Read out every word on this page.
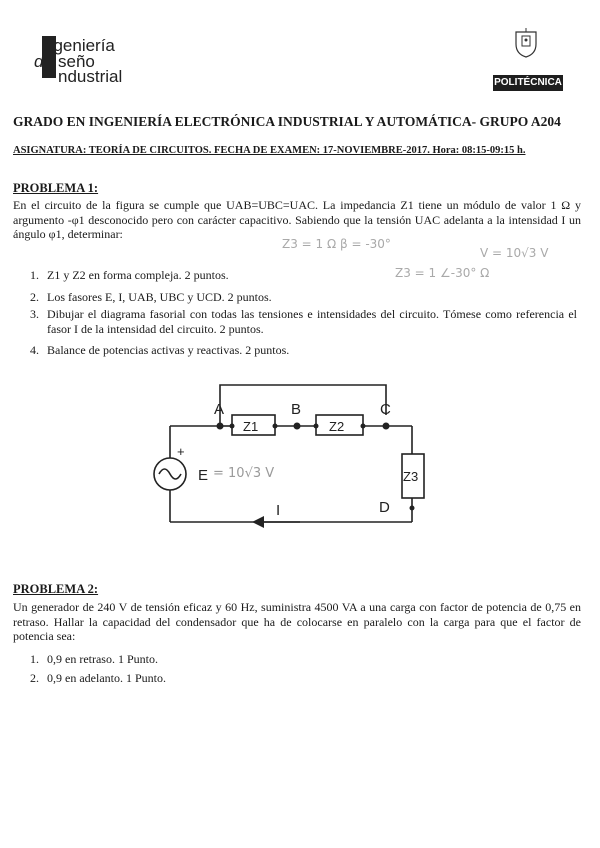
ngeniería
d seño
ndustrial	POLITÉCNICA
GRADO EN INGENIERÍA ELECTRÓNICA INDUSTRIAL Y AUTOMÁTICA- GRUPO A204
ASIGNATURA: TEORÍA DE CIRCUITOS. FECHA DE EXAMEN: 17-NOVIEMBRE-2017. Hora: 08:15-09:15 h.
PROBLEMA 1:
En el circuito de la figura se cumple que UAB=UBC=UAC. La impedancia Z1 tiene un módulo de valor 1 Ω y argumento -φ1 desconocido pero con carácter capacitivo. Sabiendo que la tensión UAC adelanta a la intensidad I un ángulo φ1, determinar:
Z3 = 1 Ω β = -30°
V = 10√3 V
Z3 = 1 ∠-30° Ω
1. Z1 y Z2 en forma compleja. 2 puntos.
2. Los fasores E, I, UAB, UBC y UCD. 2 puntos.
3. Dibujar el diagrama fasorial con todas las tensiones e intensidades del circuito. Tómese como referencia el fasor I de la intensidad del circuito. 2 puntos.
4. Balance de potencias activas y reactivas. 2 puntos.
A	B	C
D
Z1	Z2
Z3
+
E
I
= 10√3 V
PROBLEMA 2:
Un generador de 240 V de tensión eficaz y 60 Hz, suministra 4500 VA a una carga con factor de potencia de 0,75 en retraso. Hallar la capacidad del condensador que ha de colocarse en paralelo con la carga para que el factor de potencia sea:
1. 0,9 en retraso. 1 Punto.
2. 0,9 en adelanto. 1 Punto.
